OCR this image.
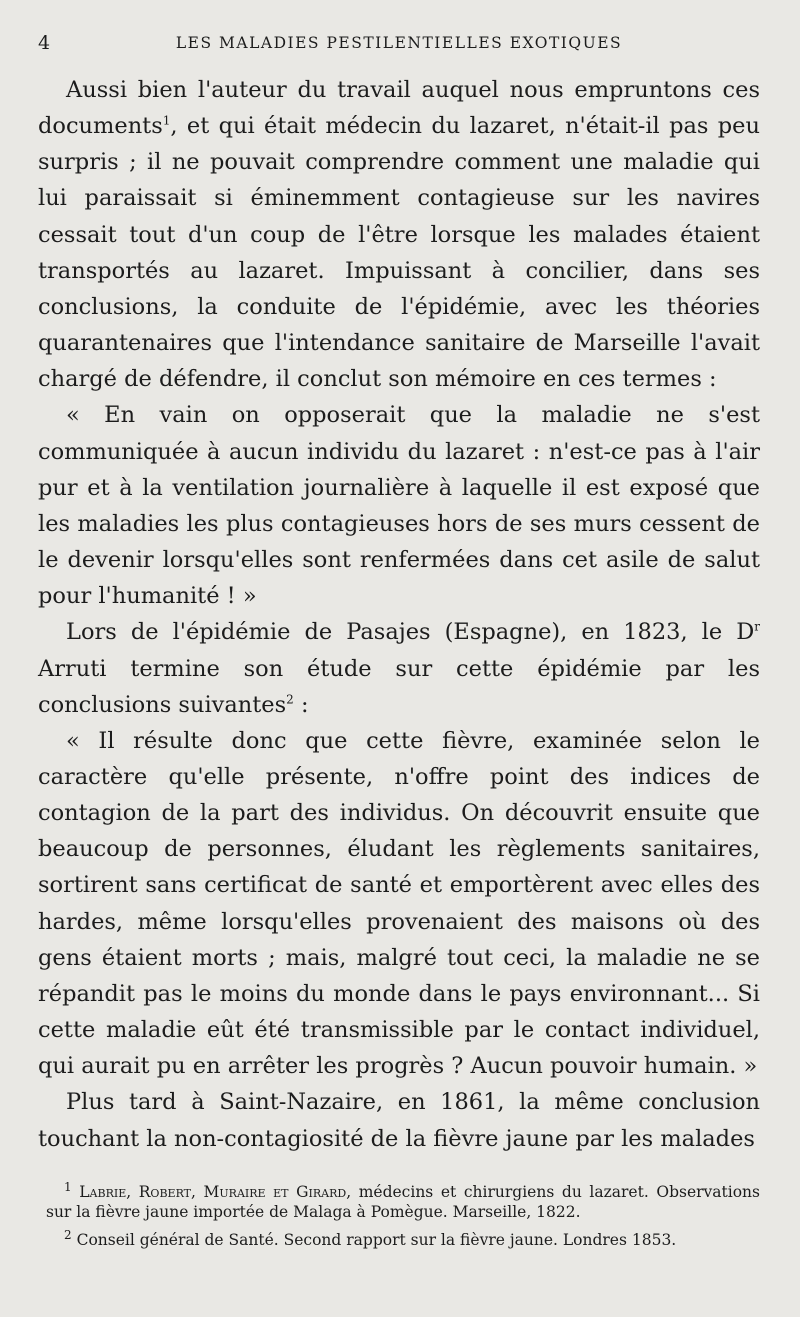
4	LES MALADIES PESTILENTIELLES EXOTIQUES

Aussi bien l'auteur du travail auquel nous empruntons ces documents$^1$, et qui était médecin du lazaret, n'était-il pas peu surpris ; il ne pouvait comprendre comment une maladie qui lui paraissait si éminemment contagieuse sur les navires cessait tout d'un coup de l'être lorsque les malades étaient transportés au lazaret. Impuissant à concilier, dans ses conclusions, la conduite de l'épidémie, avec les théories quarantenaires que l'intendance sanitaire de Marseille l'avait chargé de défendre, il conclut son mémoire en ces termes :

« En vain on opposerait que la maladie ne s'est communiquée à aucun individu du lazaret : n'est-ce pas à l'air pur et à la ventilation journalière à laquelle il est exposé que les maladies les plus contagieuses hors de ses murs cessent de le devenir lorsqu'elles sont renfermées dans cet asile de salut pour l'humanité ! »

Lors de l'épidémie de Pasajes (Espagne), en 1823, le $D^r$ Arruti termine son étude sur cette épidémie par les conclusions suivantes$^2$ :

« Il résulte donc que cette fièvre, examinée selon le caractère qu'elle présente, n'offre point des indices de contagion de la part des individus. On découvrit ensuite que beaucoup de personnes, éludant les règlements sanitaires, sortirent sans certificat de santé et emportèrent avec elles des hardes, même lorsqu'elles provenaient des maisons où des gens étaient morts ; mais, malgré tout ceci, la maladie ne se répandit pas le moins du monde dans le pays environnant... Si cette maladie eût été transmissible par le contact individuel, qui aurait pu en arrêter les progrès ? Aucun pouvoir humain. »

Plus tard à Saint-Nazaire, en 1861, la même conclusion touchant la non-contagiosité de la fièvre jaune par les malades

$^1$ Labrie, Robert, Muraire et Girard, médecins et chirurgiens du lazaret. Observations sur la fièvre jaune importée de Malaga à Pomègue. Marseille, 1822.

$^2$ Conseil général de Santé. Second rapport sur la fièvre jaune. Londres 1853.
